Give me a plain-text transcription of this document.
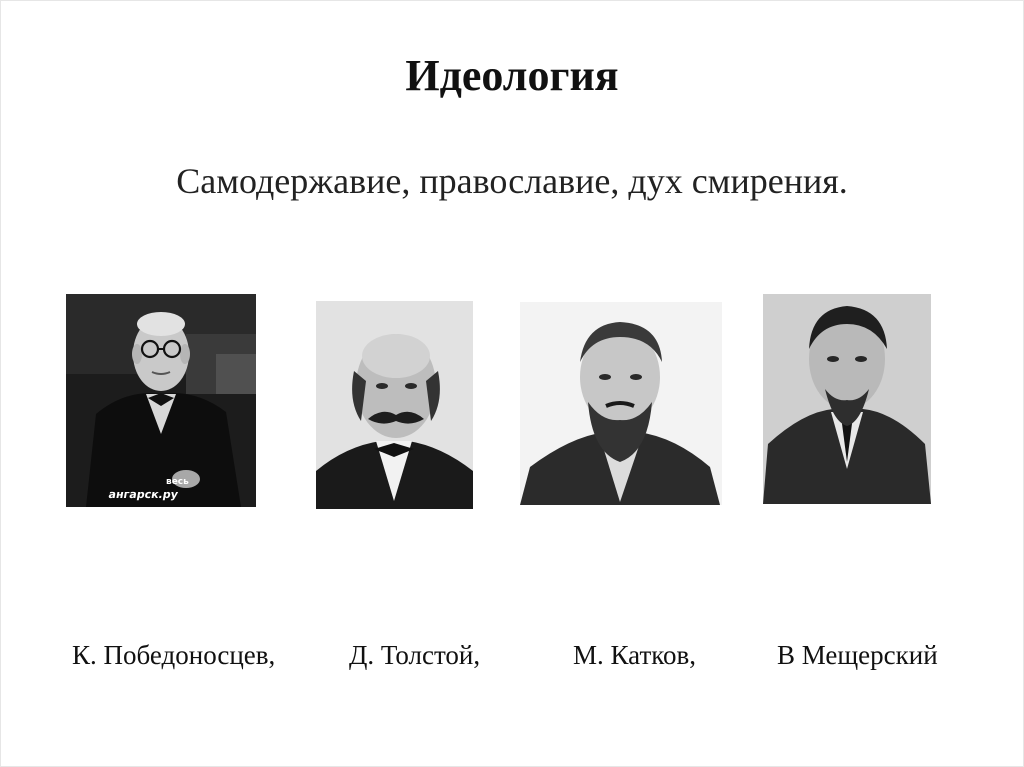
Идеология
Самодержавие, православие, дух смирения.
весь
ангарск.ру
К. Победоносцев,	Д. Толстой,	М. Катков,	В Мещерский
